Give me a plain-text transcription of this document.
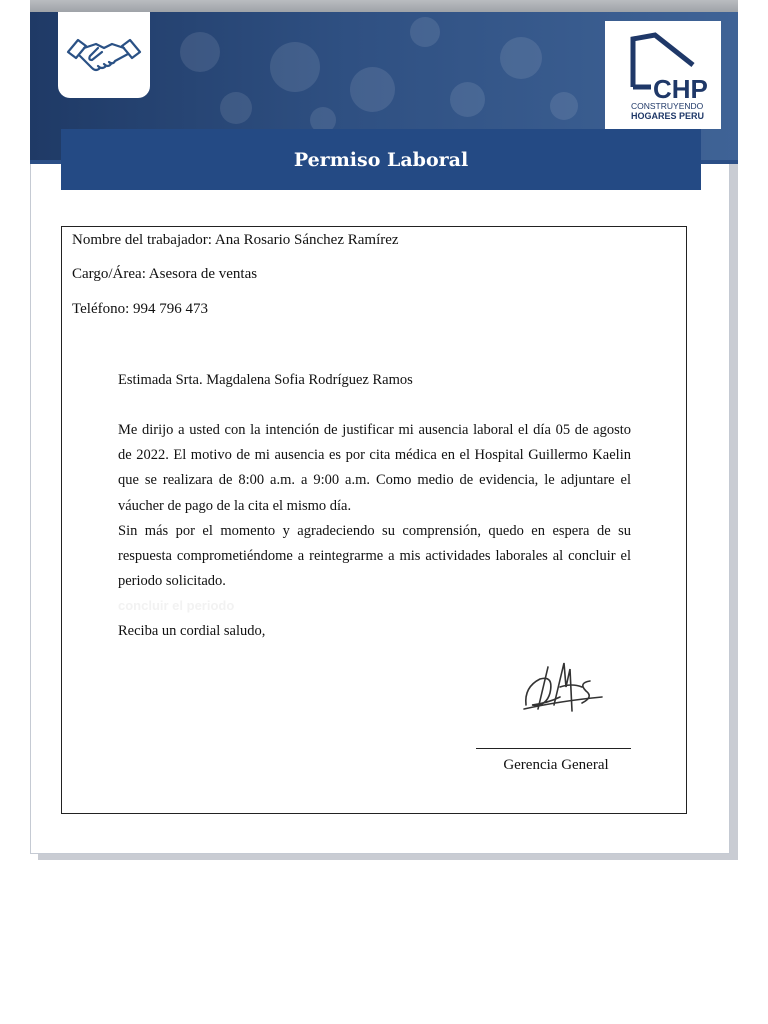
CHP
CONSTRUYENDO
HOGARES PERU
Permiso Laboral
Nombre del trabajador: Ana Rosario Sánchez Ramírez
Cargo/Área: Asesora de ventas
Teléfono: 994 796 473
Estimada Srta. Magdalena Sofia Rodríguez Ramos
Me dirijo a usted con la intención de justificar mi ausencia laboral el día 05 de agosto de 2022. El motivo de mi ausencia es por cita médica en el Hospital Guillermo Kaelin que se realizara de 8:00 a.m. a 9:00 a.m. Como medio de evidencia, le adjuntare el váucher de pago de la cita el mismo día.
Sin más por el momento y agradeciendo su comprensión, quedo en espera de su respuesta comprometiéndome a reintegrarme a mis actividades laborales al concluir el periodo solicitado.
concluir el periodo
Reciba un cordial saludo,
Gerencia General
